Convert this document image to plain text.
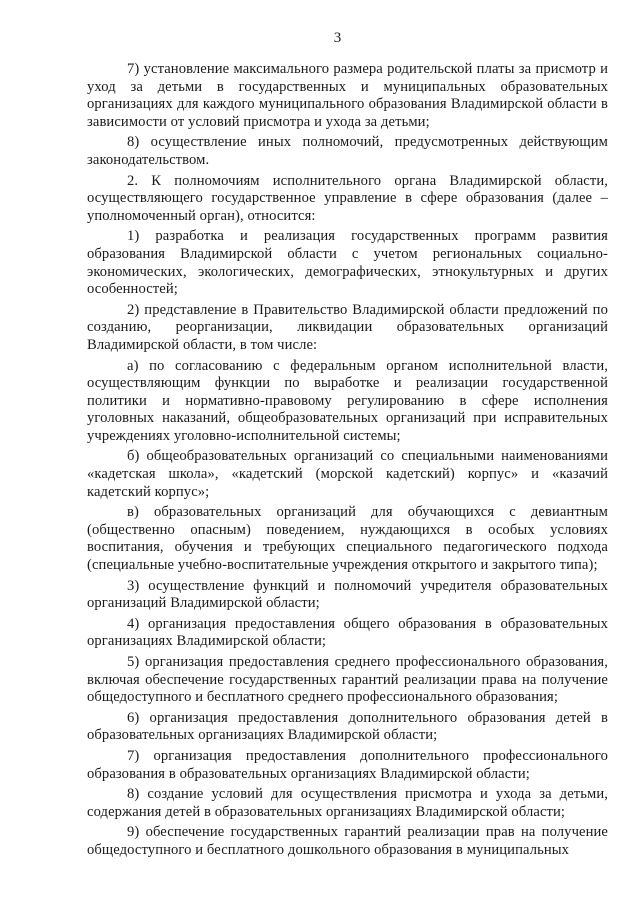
3

7) установление максимального размера родительской платы за присмотр и уход за детьми в государственных и муниципальных образовательных организациях для каждого муниципального образования Владимирской области в зависимости от условий присмотра и ухода за детьми;

8) осуществление иных полномочий, предусмотренных действующим законодательством.

2. К полномочиям исполнительного органа Владимирской области, осуществляющего государственное управление в сфере образования (далее – уполномоченный орган), относится:

1) разработка и реализация государственных программ развития образования Владимирской области с учетом региональных социально-экономических, экологических, демографических, этнокультурных и других особенностей;

2) представление в Правительство Владимирской области предложений по созданию, реорганизации, ликвидации образовательных организаций Владимирской области, в том числе:

а) по согласованию с федеральным органом исполнительной власти, осуществляющим функции по выработке и реализации государственной политики и нормативно-правовому регулированию в сфере исполнения уголовных наказаний, общеобразовательных организаций при исправительных учреждениях уголовно-исполнительной системы;

б) общеобразовательных организаций со специальными наименованиями «кадетская школа», «кадетский (морской кадетский) корпус» и «казачий кадетский корпус»;

в) образовательных организаций для обучающихся с девиантным (общественно опасным) поведением, нуждающихся в особых условиях воспитания, обучения и требующих специального педагогического подхода (специальные учебно-воспитательные учреждения открытого и закрытого типа);

3) осуществление функций и полномочий учредителя образовательных организаций Владимирской области;

4) организация предоставления общего образования в образовательных организациях Владимирской области;

5) организация предоставления среднего профессионального образования, включая обеспечение государственных гарантий реализации права на получение общедоступного и бесплатного среднего профессионального образования;

6) организация предоставления дополнительного образования детей в образовательных организациях Владимирской области;

7) организация предоставления дополнительного профессионального образования в образовательных организациях Владимирской области;

8) создание условий для осуществления присмотра и ухода за детьми, содержания детей в образовательных организациях Владимирской области;

9) обеспечение государственных гарантий реализации прав на получение общедоступного и бесплатного дошкольного образования в муниципальных
